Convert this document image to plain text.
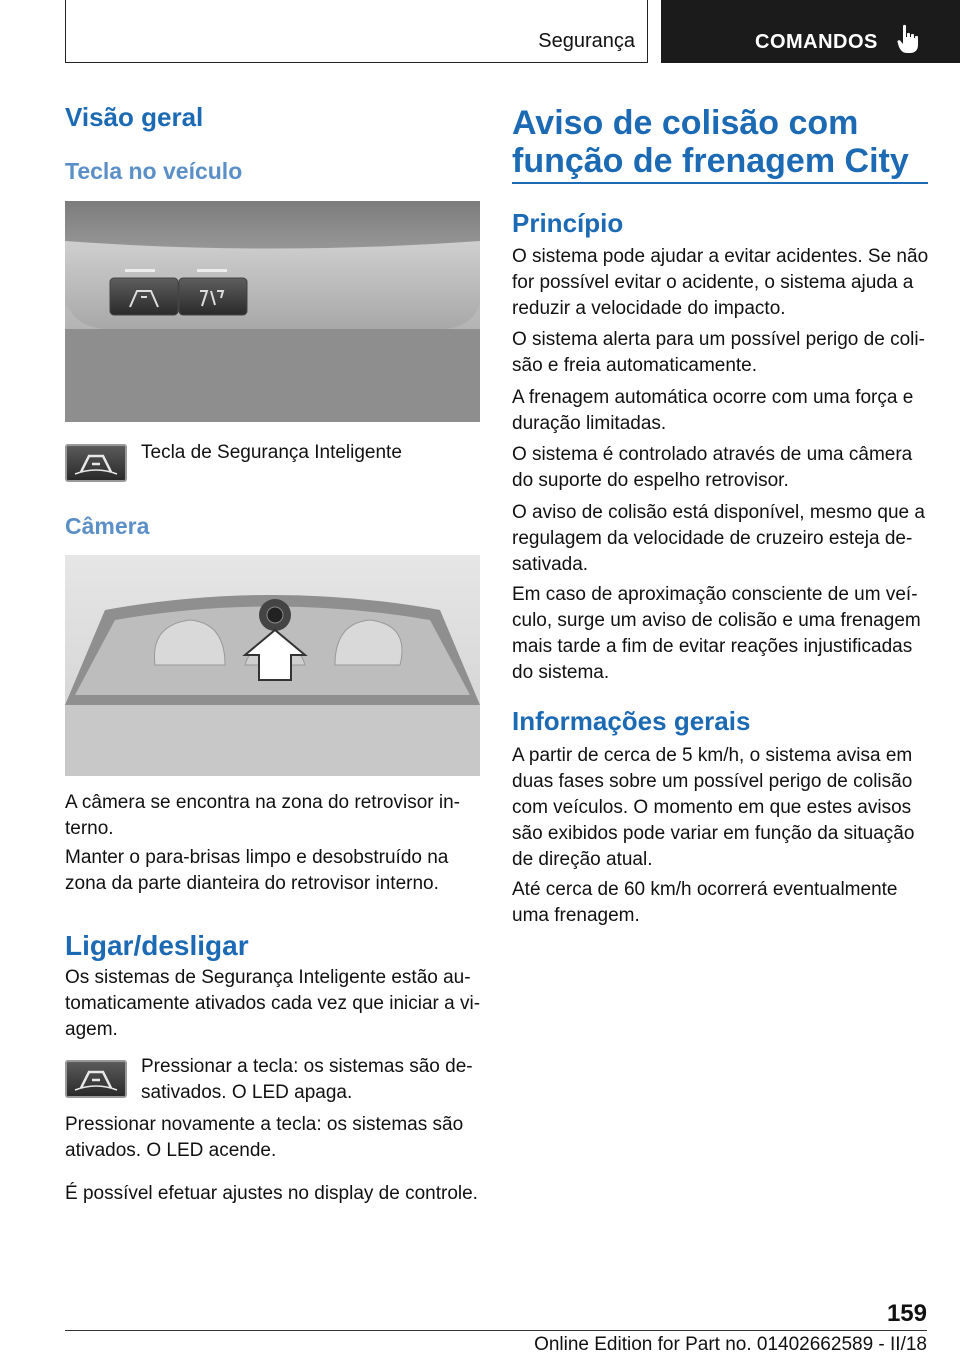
Segurança	COMANDOS
Visão geral
Tecla no veículo

Tecla de Segurança Inteligente

Câmera

A câmera se encontra na zona do retrovisor in-
terno.

Manter o para-brisas limpo e desobstruído na
zona da parte dianteira do retrovisor interno.

Ligar/desligar

Os sistemas de Segurança Inteligente estão au-
tomaticamente ativados cada vez que iniciar a vi-
agem.

Pressionar a tecla: os sistemas são de-
sativados. O LED apaga.

Pressionar novamente a tecla: os sistemas são
ativados. O LED acende.

É possível efetuar ajustes no display de controle.

Aviso de colisão com
função de frenagem City
Princípio

O sistema pode ajudar a evitar acidentes. Se não
for possível evitar o acidente, o sistema ajuda a
reduzir a velocidade do impacto.

O sistema alerta para um possível perigo de coli-
são e freia automaticamente.

A frenagem automática ocorre com uma força e
duração limitadas.

O sistema é controlado através de uma câmera
do suporte do espelho retrovisor.

O aviso de colisão está disponível, mesmo que a
regulagem da velocidade de cruzeiro esteja de-
sativada.

Em caso de aproximação consciente de um veí-
culo, surge um aviso de colisão e uma frenagem
mais tarde a fim de evitar reações injustificadas
do sistema.

Informações gerais

A partir de cerca de 5 km/h, o sistema avisa em
duas fases sobre um possível perigo de colisão
com veículos. O momento em que estes avisos
são exibidos pode variar em função da situação
de direção atual.

Até cerca de 60 km/h ocorrerá eventualmente
uma frenagem.

159
Online Edition for Part no. 01402662589 - II/18
